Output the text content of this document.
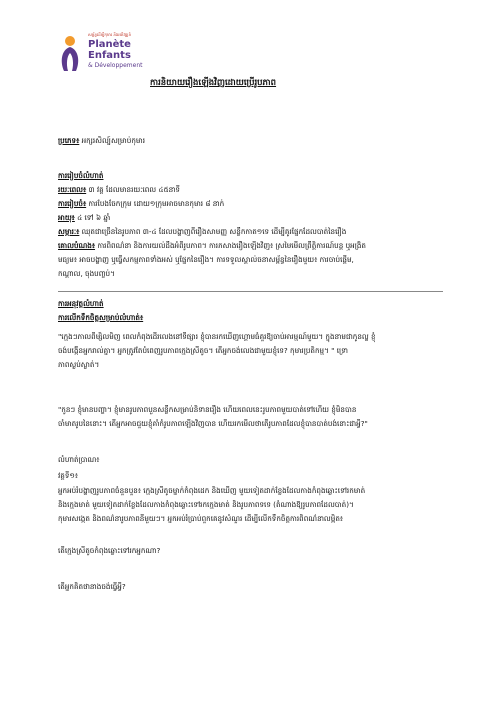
សម្ព័ន្ធដើម្បីកុមារ និងអភិវឌ្ឍន៍
Planète
Enfants
& Développement
ការនិយាយរឿងឡើងវិញដោយប្រើរូបភាព
ប្រភេទ៖ អក្សរសិល្ប៍សម្រាប់កុមារ
ការរៀបចំលំហាត់
រយៈពេល៖ ៣ វគ្គ ដែលមានរយៈពេល ៤៥នាទី
ការរៀបចំ៖ ការបែងចែកក្រុម ដោយ១ក្រុមអាចមានកុមារ ៨ នាក់
អាយុ៖ ៤ ទៅ ៦ ឆ្នាំ
សម្ភារៈ៖ ឈុតជាច្រើននៃរូបភាព ៣-៤ ដែលបង្ហាញពីរឿងសាមញ្ញ សន្លឹកកាត១ទេ ដើម្បីគូរផ្នែកដែលបាត់នៃរឿង
គោលបំណង៖ ការពិពណ៌នា និងការយល់ដឹងអំពីរូបភាព។ ការភសាងរឿងឡើងវិញ៖ ស្រមៃមើលព្រឹត្តិការណ៍បន្ត ឬអង្រិត
មធ្យម៖ អាចបង្ហាញ ឬធ្វើសកម្មភាពទាំងអស់ ឬផ្នែកនៃរឿង។ ការទទួលស្គាល់ចនាសម្ព័ន្ធនៃរឿងមួយ៖ ការចាប់ផ្តើម,
កណ្តាល, ចុងបញ្ចប់។
ការអនុវត្តលំហាត់
ការលើកទឹកចិត្តសម្រាប់លំហាត់៖
"ក្មេងៗភាលពីម្សិលមិញ ពេលកំពុងដើរលេងនៅទីផ្សារ ខ្ញុំបានរកឃើញហ្គោមធំគួរឱ្យចាប់អារម្មណ៍មួយ។ ក្នុងនាមជាកូនល្ហ ខ្ញុំ
ចង់បង្កើនអ្នករាល់គ្នា។ អ្នកត្រូវតែបំពេញរូបភាពក្មេងស្រីតូច។ តើអ្នកចង់លេងជាមួយខ្ញុំទេ? កុមារប្រតិកម្ម។ " ទ្រោ
ភាពស្ងប់ស្ងាត់។
"កូនៗ ខ្ញុំមានបញ្ហា។ ខ្ញុំមានរូបភាពបួនសន្លឹកសម្រាប់និទានរឿង ហើយពេលនេះរូបភាពមួយបាត់ទៅហើយ ខ្ញុំមិនបាន
ចាំមាតរូបនៃនោះ។ តើអ្នកអាចជួយខ្ញុំគាំកំរូបភាពឡើងវិញបាន ហើយរកមើលថាតើរូបភាពដែលខ្ញុំបានបាត់បង់នោះជាអ្វី?"
លំហាត់ប្រាណ៖
វគ្គទី១៖
អ្នកអប់រំបង្ហាញរូបភាពចំនួនបួន៖ ក្មេងស្រីតូចម្នាក់កំពុងដេក និងឃើញ មួយទៀតដាក់ខ្លែងដែលកាងកំពុងឆ្លោះទៅរកមាត់
និងក្មេងមាត់ មួយទៀតដាក់ខ្លែងដែលកាងកំពុងឆ្លោះទៅរកក្មេងមាត់ និងរូបភាពទទេ (តំណាងឱ្យរូបភាពដែលបាត់)។
កុមារសង្កេត និងពណ៌នារូបភាពនីមួយៗ។ អ្នកអប់រំប្រាប់ពួកគេនូវសំណួរ ដើម្បីលើកទឹកចិត្តការពិពណ៌នាលម្អិត៖
តើក្មេងស្រីតូចកំពុងឆ្លោះទៅរកអ្នកណា?
តើអ្នកគិតថានាងចង់ធ្វើអ្វី?
